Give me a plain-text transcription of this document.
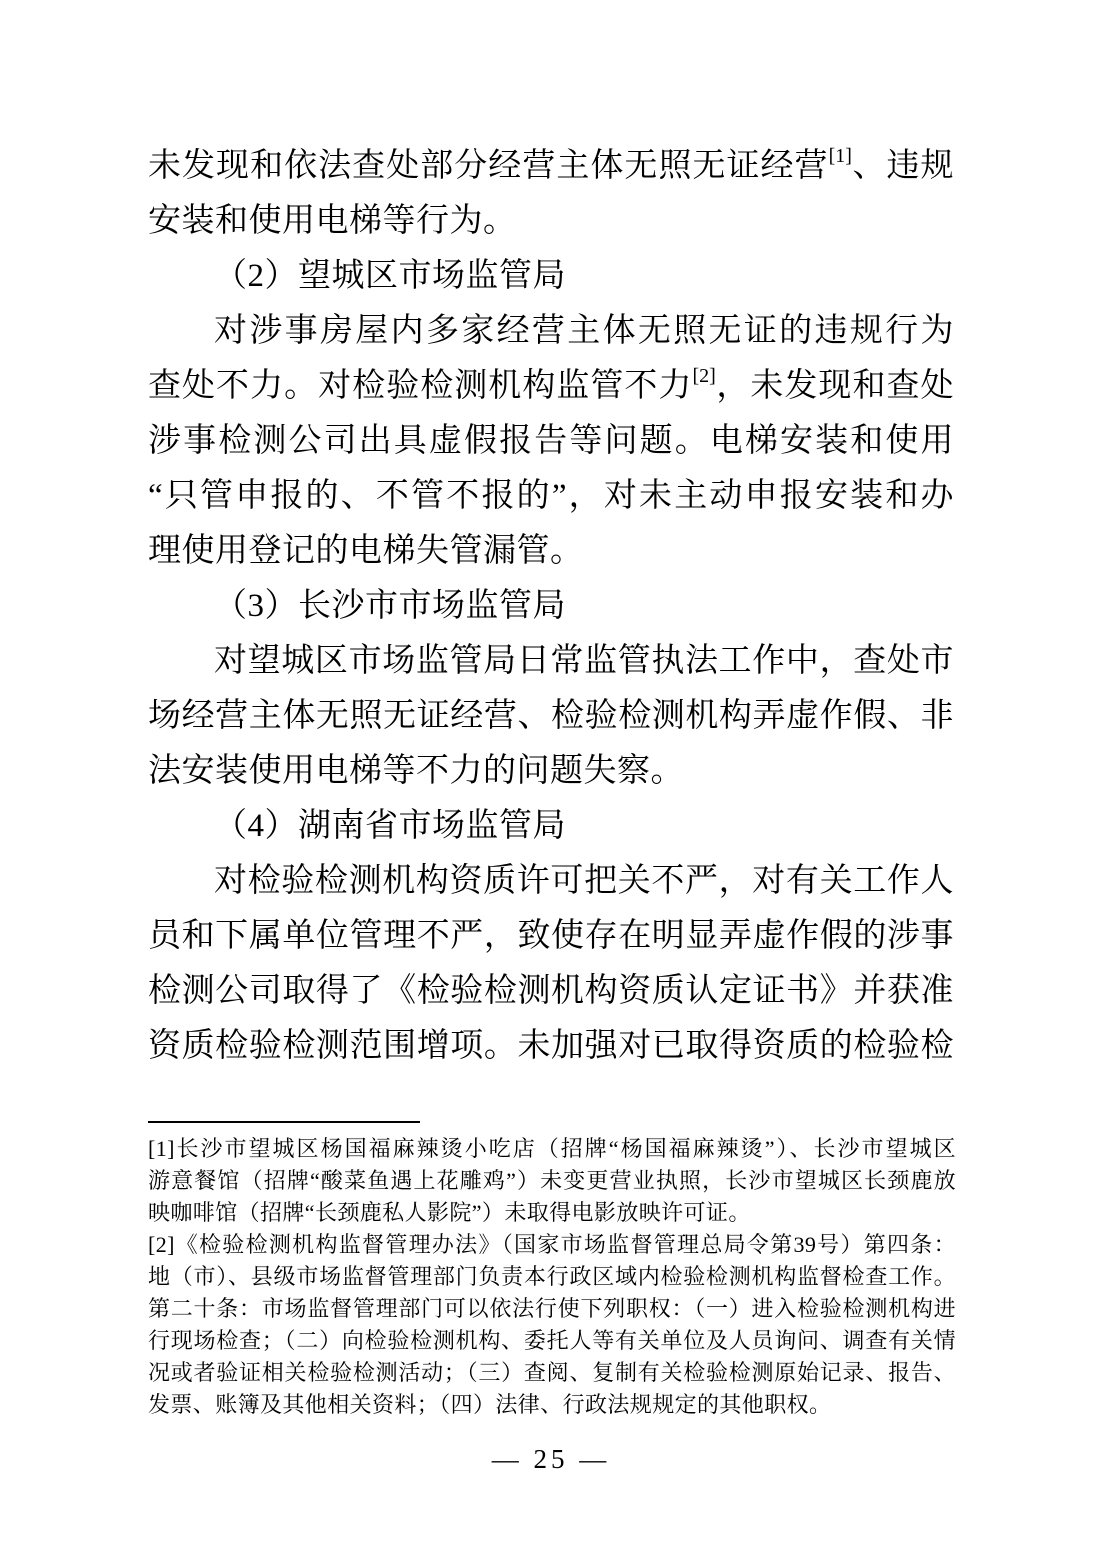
未发现和依法查处部分经营主体无照无证经营[1]、违规
安装和使用电梯等行为。
（2）望城区市场监管局
对涉事房屋内多家经营主体无照无证的违规行为
查处不力。对检验检测机构监管不力[2]，未发现和查处
涉事检测公司出具虚假报告等问题。电梯安装和使用
“只管申报的、不管不报的”，对未主动申报安装和办
理使用登记的电梯失管漏管。
（3）长沙市市场监管局
对望城区市场监管局日常监管执法工作中，查处市
场经营主体无照无证经营、检验检测机构弄虚作假、非
法安装使用电梯等不力的问题失察。
（4）湖南省市场监管局
对检验检测机构资质许可把关不严，对有关工作人
员和下属单位管理不严，致使存在明显弄虚作假的涉事
检测公司取得了《检验检测机构资质认定证书》并获准
资质检验检测范围增项。未加强对已取得资质的检验检
[1]长沙市望城区杨国福麻辣烫小吃店（招牌“杨国福麻辣烫”）、长沙市望城区
游意餐馆（招牌“酸菜鱼遇上花雕鸡”）未变更营业执照，长沙市望城区长颈鹿放
映咖啡馆（招牌“长颈鹿私人影院”）未取得电影放映许可证。
[2]《检验检测机构监督管理办法》（国家市场监督管理总局令第39号）第四条：
地（市）、县级市场监督管理部门负责本行政区域内检验检测机构监督检查工作。
第二十条：市场监督管理部门可以依法行使下列职权：（一）进入检验检测机构进
行现场检查；（二）向检验检测机构、委托人等有关单位及人员询问、调查有关情
况或者验证相关检验检测活动；（三）查阅、复制有关检验检测原始记录、报告、
发票、账簿及其他相关资料；（四）法律、行政法规规定的其他职权。
— 25 —
